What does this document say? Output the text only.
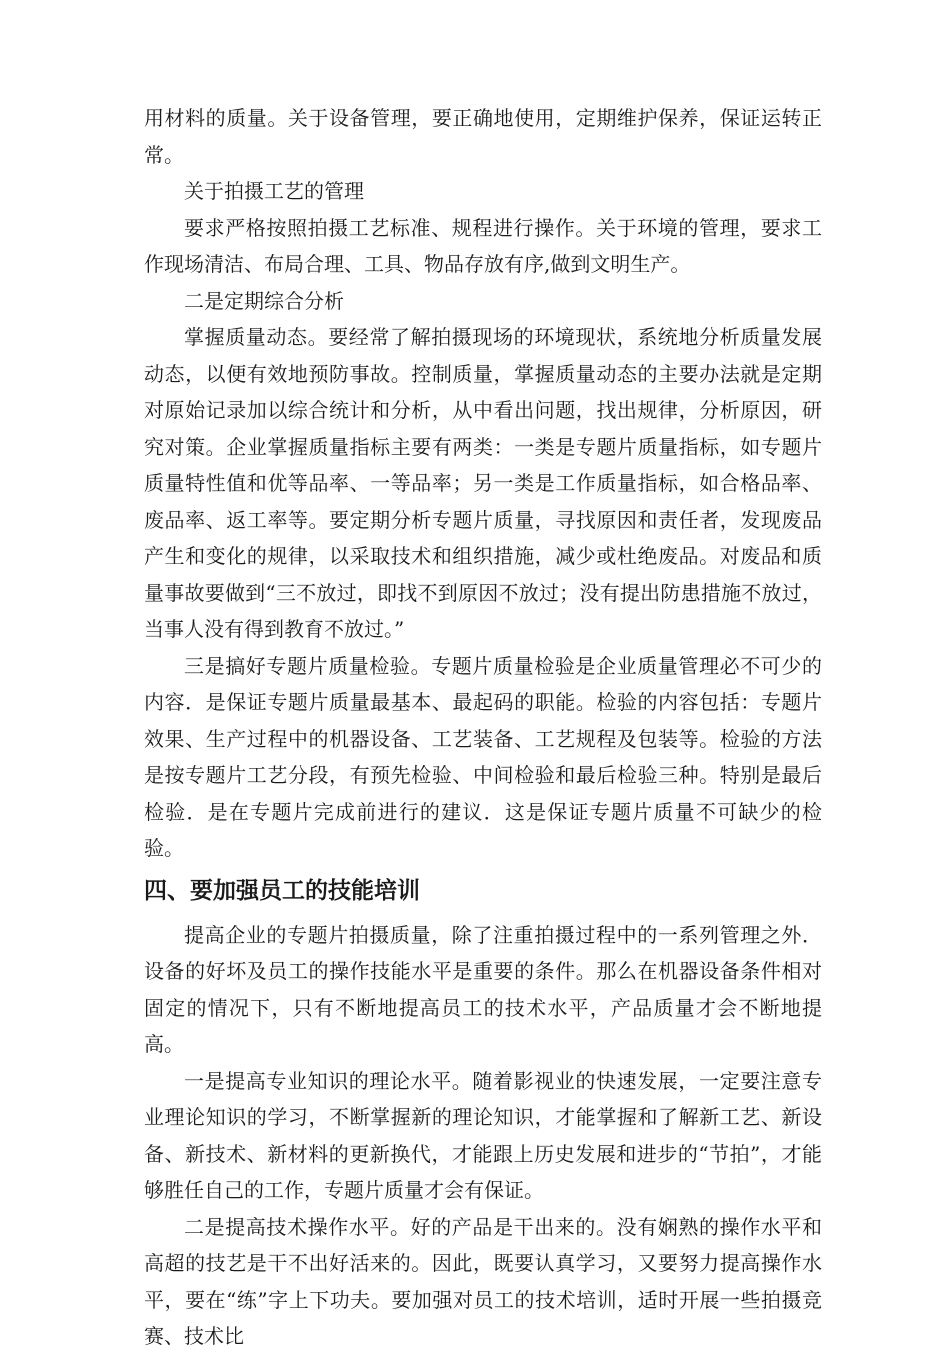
用材料的质量。关于设备管理，要正确地使用，定期维护保养，保证运转正常。

关于拍摄工艺的管理

要求严格按照拍摄工艺标准、规程进行操作。关于环境的管理，要求工作现场清洁、布局合理、工具、物品存放有序,做到文明生产。

二是定期综合分析

掌握质量动态。要经常了解拍摄现场的环境现状，系统地分析质量发展动态，以便有效地预防事故。控制质量，掌握质量动态的主要办法就是定期对原始记录加以综合统计和分析，从中看出问题，找出规律，分析原因，研究对策。企业掌握质量指标主要有两类：一类是专题片质量指标，如专题片质量特性值和优等品率、一等品率；另一类是工作质量指标，如合格品率、废品率、返工率等。要定期分析专题片质量，寻找原因和责任者，发现废品产生和变化的规律，以采取技术和组织措施，减少或杜绝废品。对废品和质量事故要做到“三不放过，即找不到原因不放过；没有提出防患措施不放过，当事人没有得到教育不放过。”

三是搞好专题片质量检验。专题片质量检验是企业质量管理必不可少的内容．是保证专题片质量最基本、最起码的职能。检验的内容包括：专题片效果、生产过程中的机器设备、工艺装备、工艺规程及包装等。检验的方法是按专题片工艺分段，有预先检验、中间检验和最后检验三种。特别是最后检验．是在专题片完成前进行的建议．这是保证专题片质量不可缺少的检验。

四、要加强员工的技能培训

提高企业的专题片拍摄质量，除了注重拍摄过程中的一系列管理之外．设备的好坏及员工的操作技能水平是重要的条件。那么在机器设备条件相对固定的情况下，只有不断地提高员工的技术水平，产品质量才会不断地提高。

一是提高专业知识的理论水平。随着影视业的快速发展，一定要注意专业理论知识的学习，不断掌握新的理论知识，才能掌握和了解新工艺、新设备、新技术、新材料的更新换代，才能跟上历史发展和进步的“节拍”，才能够胜任自己的工作，专题片质量才会有保证。

二是提高技术操作水平。好的产品是干出来的。没有娴熟的操作水平和高超的技艺是干不出好活来的。因此，既要认真学习，又要努力提高操作水平，要在“练”字上下功夫。要加强对员工的技术培训，适时开展一些拍摄竞赛、技术比
